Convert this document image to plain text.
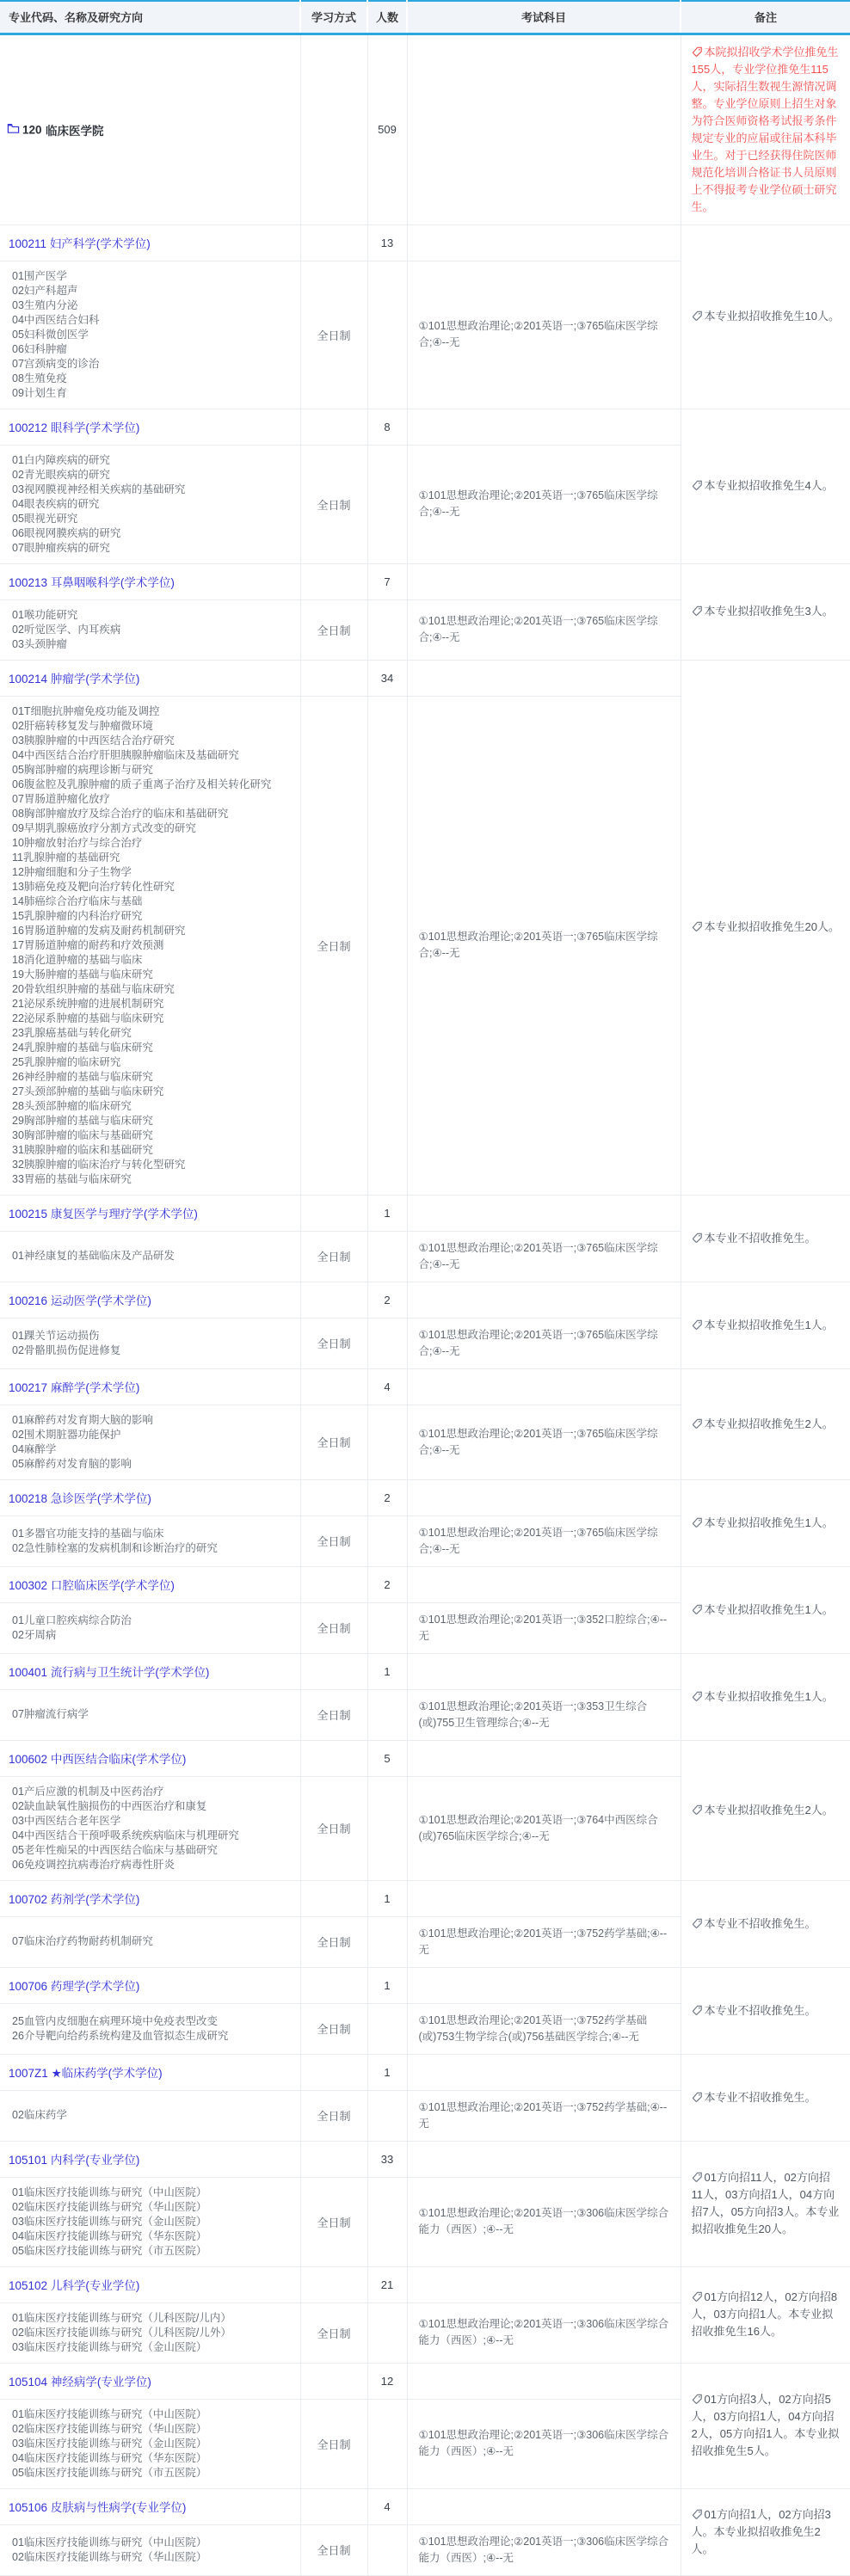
专业代码、名称及研究方向	学习方式	人数	考试科目	备注

120 临床医学院		509		本院拟招收学术学位推免生155人，专业学位推免生115人，实际招生数视生源情况调整。专业学位原则上招生对象为符合医师资格考试报考条件规定专业的应届或往届本科毕业生。对于已经获得住院医师规范化培训合格证书人员原则上不得报考专业学位硕士研究生。
100211 妇产科学(学术学位)		13		本专业拟招收推免生10人。

01围产医学
02妇产科超声
03生殖内分泌
04中西医结合妇科
05妇科微创医学
06妇科肿瘤
07宫颈病变的诊治
08生殖免疫
09计划生育
	全日制		①101思想政治理论;②201英语一;③765临床医学综合;④--无
100212 眼科学(学术学位)		8		本专业拟招收推免生4人。

01白内障疾病的研究
02青光眼疾病的研究
03视网膜视神经相关疾病的基础研究
04眼表疾病的研究
05眼视光研究
06眼视网膜疾病的研究
07眼肿瘤疾病的研究
	全日制		①101思想政治理论;②201英语一;③765临床医学综合;④--无
100213 耳鼻咽喉科学(学术学位)		7		本专业拟招收推免生3人。

01喉功能研究
02听觉医学、内耳疾病
03头颈肿瘤	全日制		①101思想政治理论;②201英语一;③765临床医学综合;④--无	
100214 肿瘤学(学术学位)		34		本专业拟招收推免生20人。

01T细胞抗肿瘤免疫功能及调控
02肝癌转移复发与肿瘤微环境
03胰腺肿瘤的中西医结合治疗研究
04中西医结合治疗肝胆胰腺肿瘤临床及基础研究
05胸部肿瘤的病理诊断与研究
06腹盆腔及乳腺肿瘤的质子重离子治疗及相关转化研究
07胃肠道肿瘤化放疗
08胸部肿瘤放疗及综合治疗的临床和基础研究
09早期乳腺癌放疗分割方式改变的研究
10肿瘤放射治疗与综合治疗
11乳腺肿瘤的基础研究
12肿瘤细胞和分子生物学
13肺癌免疫及靶向治疗转化性研究
14肺癌综合治疗临床与基础
15乳腺肿瘤的内科治疗研究
16胃肠道肿瘤的发病及耐药机制研究
17胃肠道肿瘤的耐药和疗效预测
18消化道肿瘤的基础与临床
19大肠肿瘤的基础与临床研究
20骨软组织肿瘤的基础与临床研究
21泌尿系统肿瘤的进展机制研究
22泌尿系肿瘤的基础与临床研究
23乳腺癌基础与转化研究
24乳腺肿瘤的基础与临床研究
25乳腺肿瘤的临床研究
26神经肿瘤的基础与临床研究
27头颈部肿瘤的基础与临床研究
28头颈部肿瘤的临床研究
29胸部肿瘤的基础与临床研究
30胸部肿瘤的临床与基础研究
31胰腺肿瘤的临床和基础研究
32胰腺肿瘤的临床治疗与转化型研究
33胃癌的基础与临床研究
	全日制		①101思想政治理论;②201英语一;③765临床医学综合;④--无
100215 康复医学与理疗学(学术学位)		1		本专业不招收推免生。

01神经康复的基础临床及产品研发	全日制		①101思想政治理论;②201英语一;③765临床医学综合;④--无	
100216 运动医学(学术学位)		2		本专业拟招收推免生1人。

01踝关节运动损伤
02骨骼肌损伤促进修复	全日制		①101思想政治理论;②201英语一;③765临床医学综合;④--无	
100217 麻醉学(学术学位)		4		本专业拟招收推免生2人。

01麻醉药对发育期大脑的影响
02围术期脏器功能保护
04麻醉学
05麻醉药对发育脑的影响	全日制		①101思想政治理论;②201英语一;③765临床医学综合;④--无	
100218 急诊医学(学术学位)		2		本专业拟招收推免生1人。

01多器官功能支持的基础与临床
02急性肺栓塞的发病机制和诊断治疗的研究	全日制		①101思想政治理论;②201英语一;③765临床医学综合;④--无	
100302 口腔临床医学(学术学位)		2		本专业拟招收推免生1人。

01儿童口腔疾病综合防治
02牙周病	全日制		①101思想政治理论;②201英语一;③352口腔综合;④--无	
100401 流行病与卫生统计学(学术学位)		1		本专业拟招收推免生1人。

07肿瘤流行病学	全日制		①101思想政治理论;②201英语一;③353卫生综合(或)755卫生管理综合;④--无	
100602 中西医结合临床(学术学位)		5		本专业拟招收推免生2人。

01产后应激的机制及中医药治疗
02缺血缺氧性脑损伤的中西医治疗和康复
03中西医结合老年医学
04中西医结合干预呼吸系统疾病临床与机理研究
05老年性痴呆的中西医结合临床与基础研究
06免疫调控抗病毒治疗病毒性肝炎
	全日制		①101思想政治理论;②201英语一;③764中西医综合(或)765临床医学综合;④--无
100702 药剂学(学术学位)		1		本专业不招收推免生。

07临床治疗药物耐药机制研究	全日制		①101思想政治理论;②201英语一;③752药学基础;④--无	
100706 药理学(学术学位)		1		本专业不招收推免生。

25血管内皮细胞在病理环境中免疫表型改变
26介导靶向给药系统构建及血管拟态生成研究	全日制		①101思想政治理论;②201英语一;③752药学基础(或)753生物学综合(或)756基础医学综合;④--无	
1007Z1 ★临床药学(学术学位)		1		本专业不招收推免生。

02临床药学	全日制		①101思想政治理论;②201英语一;③752药学基础;④--无	
105101 内科学(专业学位)		33		01方向招11人，02方向招11人，03方向招1人，04方向招7人，05方向招3人。本专业拟招收推免生20人。

01临床医疗技能训练与研究（中山医院）
02临床医疗技能训练与研究（华山医院）
03临床医疗技能训练与研究（金山医院）
04临床医疗技能训练与研究（华东医院）
05临床医疗技能训练与研究（市五医院）	全日制		①101思想政治理论;②201英语一;③306临床医学综合能力（西医）;④--无	
105102 儿科学(专业学位)		21		01方向招12人，02方向招8人，03方向招1人。本专业拟招收推免生16人。

01临床医疗技能训练与研究（儿科医院/儿内）
02临床医疗技能训练与研究（儿科医院/儿外）
03临床医疗技能训练与研究（金山医院）	全日制		①101思想政治理论;②201英语一;③306临床医学综合能力（西医）;④--无	
105104 神经病学(专业学位)		12		01方向招3人，02方向招5人，03方向招1人，04方向招2人，05方向招1人。本专业拟招收推免生5人。

01临床医疗技能训练与研究（中山医院）
02临床医疗技能训练与研究（华山医院）
03临床医疗技能训练与研究（金山医院）
04临床医疗技能训练与研究（华东医院）
05临床医疗技能训练与研究（市五医院）	全日制		①101思想政治理论;②201英语一;③306临床医学综合能力（西医）;④--无	
105106 皮肤病与性病学(专业学位)		4		01方向招1人，02方向招3人。本专业拟招收推免生2人。

01临床医疗技能训练与研究（中山医院）
02临床医疗技能训练与研究（华山医院）	全日制		①101思想政治理论;②201英语一;③306临床医学综合能力（西医）;④--无	
